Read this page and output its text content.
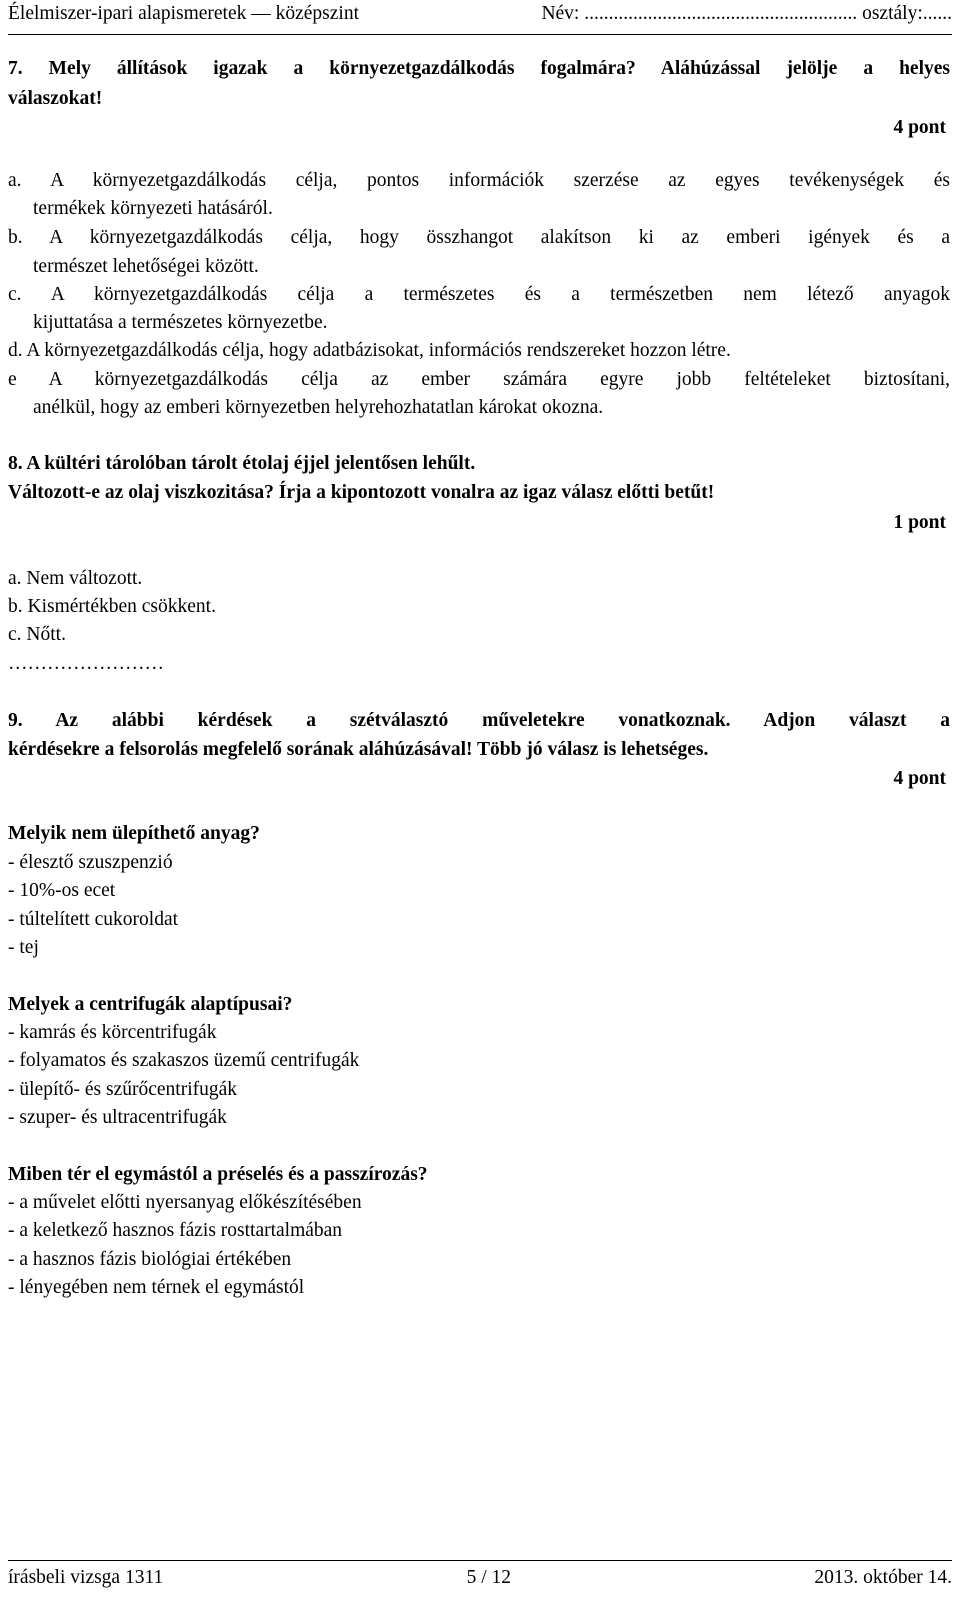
Élelmiszer-ipari alapismeretek — középszint	Név: ........................................................ osztály:......
7. Mely állítások igazak a környezetgazdálkodás fogalmára? Aláhúzással jelölje a helyes
válaszokat!
4 pont
a. A környezetgazdálkodás célja, pontos információk szerzése az egyes tevékenységek és
termékek környezeti hatásáról.
b. A környezetgazdálkodás célja, hogy összhangot alakítson ki az emberi igények és a
természet lehetőségei között.
c. A környezetgazdálkodás célja a természetes és a természetben nem létező anyagok
kijuttatása a természetes környezetbe.
d. A környezetgazdálkodás célja, hogy adatbázisokat, információs rendszereket hozzon létre.
e A környezetgazdálkodás célja az ember számára egyre jobb feltételeket biztosítani,
anélkül, hogy az emberi környezetben helyrehozhatatlan károkat okozna.
8. A kültéri tárolóban tárolt étolaj éjjel jelentősen lehűlt.
Változott-e az olaj viszkozitása? Írja a kipontozott vonalra az igaz válasz előtti betűt!
1 pont
a. Nem változott.
b. Kismértékben csökkent.
c. Nőtt.
……………………
9. Az alábbi kérdések a szétválasztó műveletekre vonatkoznak. Adjon választ a
kérdésekre a felsorolás megfelelő sorának aláhúzásával! Több jó válasz is lehetséges.
4 pont
Melyik nem ülepíthető anyag?
- élesztő szuszpenzió
- 10%-os ecet
- túltelített cukoroldat
- tej
Melyek a centrifugák alaptípusai?
- kamrás és körcentrifugák
- folyamatos és szakaszos üzemű centrifugák
- ülepítő- és szűrőcentrifugák
- szuper- és ultracentrifugák
Miben tér el egymástól a préselés és a passzírozás?
- a művelet előtti nyersanyag előkészítésében
- a keletkező hasznos fázis rosttartalmában
- a hasznos fázis biológiai értékében
- lényegében nem térnek el egymástól
írásbeli vizsga 1311	5 / 12	2013. október 14.
